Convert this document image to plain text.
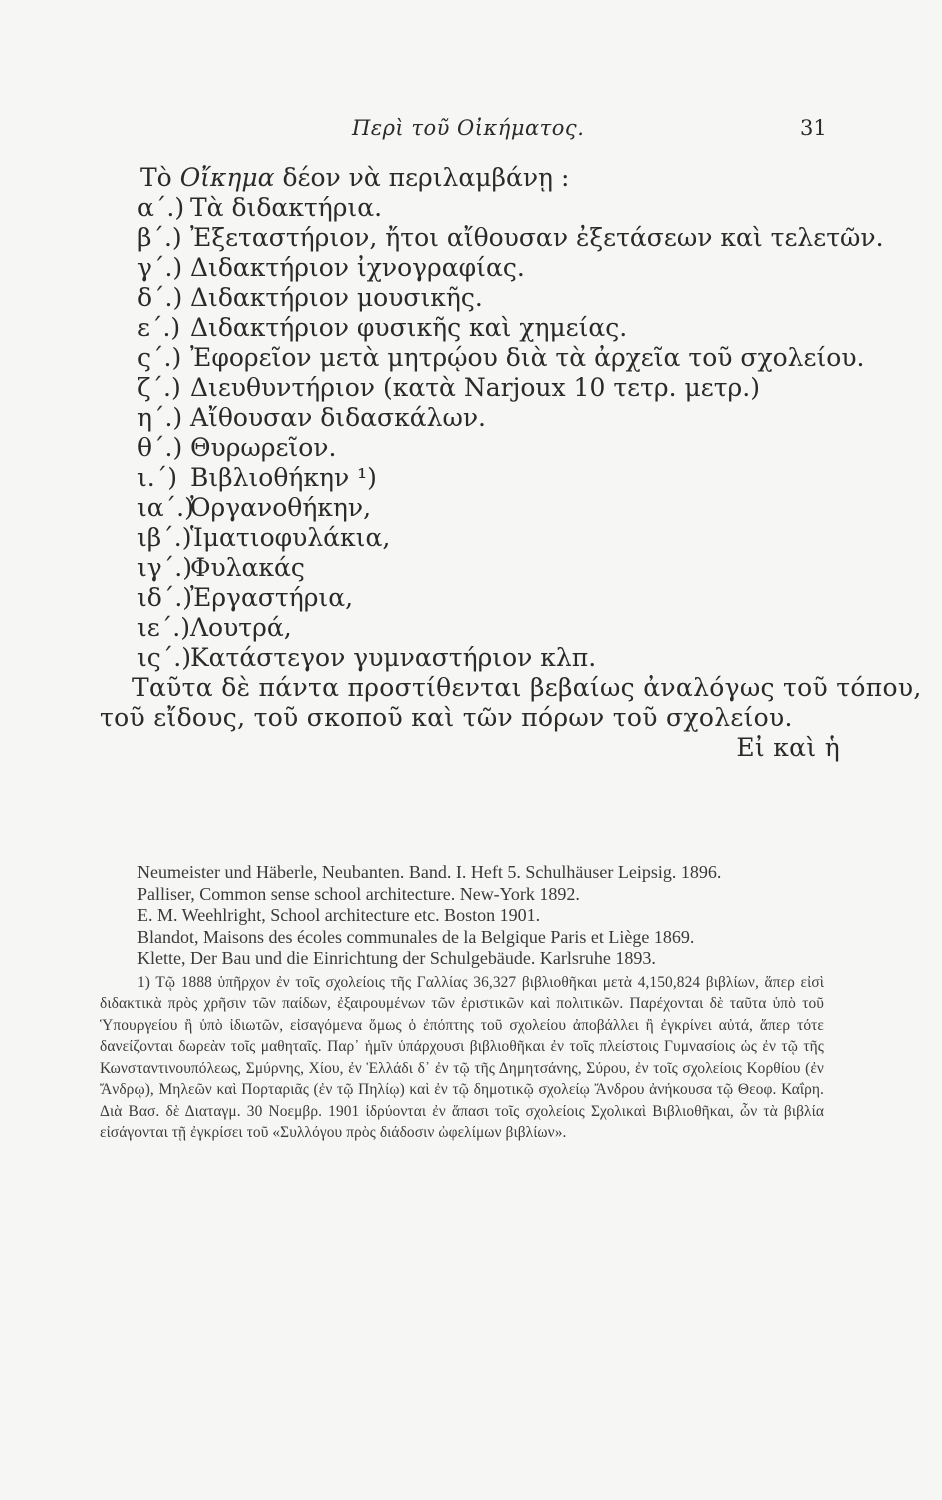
Περὶ τοῦ Οἰκήματος.	31
Τὸ Οἴκημα δέον νὰ περιλαμβάνῃ :
α΄.) Τὰ διδακτήρια.
β΄.) Ἐξεταστήριον, ἤτοι αἴθουσαν ἐξετάσεων καὶ τελετῶν.
γ΄.) Διδακτήριον ἰχνογραφίας.
δ΄.) Διδακτήριον μουσικῆς.
ε΄.) Διδακτήριον φυσικῆς καὶ χημείας.
ς΄.) Ἐφορεῖον μετὰ μητρῴου διὰ τὰ ἀρχεῖα τοῦ σχολείου.
ζ΄.) Διευθυντήριον (κατὰ Narjoux 10 τετρ. μετρ.)
η΄.) Αἴθουσαν διδασκάλων.
θ΄.) Θυρωρεῖον.
ι.΄) Βιβλιοθήκην ¹)
ια΄.)
Ὀργανοθήκην,
ιβ΄.)
Ἱματιοφυλάκια,
ιγ΄.)
Φυλακάς
ιδ΄.)
Ἐργαστήρια,
ιε΄.) Λουτρά,
ις΄.)
Κατάστεγον γυμναστήριον κλπ.
Ταῦτα δὲ πάντα προστίθενται βεβαίως ἀναλόγως τοῦ τόπου,
τοῦ εἴδους, τοῦ σκοποῦ καὶ τῶν πόρων τοῦ σχολείου.
Εἰ καὶ ἡ
Neumeister und Häberle, Neubanten. Band. I. Heft 5. Schulhäuser Leipsig. 1896.
Palliser, Common sense school architecture. New-York 1892.
E. M. Weehlright, School architecture etc. Boston 1901.
Blandot, Maisons des écoles communales de la Belgique Paris et Liège 1869.
Klette, Der Bau und die Einrichtung der Schulgebäude. Karlsruhe 1893.
1) Τῷ 1888 ὑπῆρχον ἐν τοῖς σχολείοις τῆς Γαλλίας 36,327 βιβλιοθῆκαι μετὰ 4,150,824 βιβλίων, ἅπερ εἰσὶ διδακτικὰ πρὸς χρῆσιν τῶν παίδων, ἐξαιρουμένων τῶν ἐριστικῶν καὶ πολιτικῶν. Παρέχονται δὲ ταῦτα ὑπὸ τοῦ Ὑπουργείου ἢ ὑπὸ ἰδιωτῶν, εἰσαγόμενα ὅμως ὁ ἐπόπτης τοῦ σχολείου ἀποβάλλει ἢ ἐγκρίνει αὐτά, ἅπερ τότε δανείζονται δωρεὰν τοῖς μαθηταῖς. Παρ᾽ ἡμῖν ὑπάρχουσι βιβλιοθῆκαι ἐν τοῖς πλείστοις Γυμνασίοις ὡς ἐν τῷ τῆς Κωνσταντινουπόλεως, Σμύρνης, Χίου, ἐν Ἑλλάδι δ᾽ ἐν τῷ τῆς Δημητσάνης, Σύρου, ἐν τοῖς σχολείοις Κορθίου (ἐν Ἄνδρῳ), Μηλεῶν καὶ Πορταριᾶς (ἐν τῷ Πηλίῳ) καὶ ἐν τῷ δημοτικῷ σχολείῳ Ἄνδρου ἀνήκουσα τῷ Θεοφ. Καΐρη. Διὰ Βασ. δὲ Διαταγμ. 30 Νοεμβρ. 1901 ἱδρύονται ἐν ἅπασι τοῖς σχολείοις Σχολικαὶ Βιβλιοθῆκαι, ὧν τὰ βιβλία εἰσάγονται τῇ ἐγκρίσει τοῦ «Συλλόγου πρὸς διάδοσιν ὠφελίμων βιβλίων».
